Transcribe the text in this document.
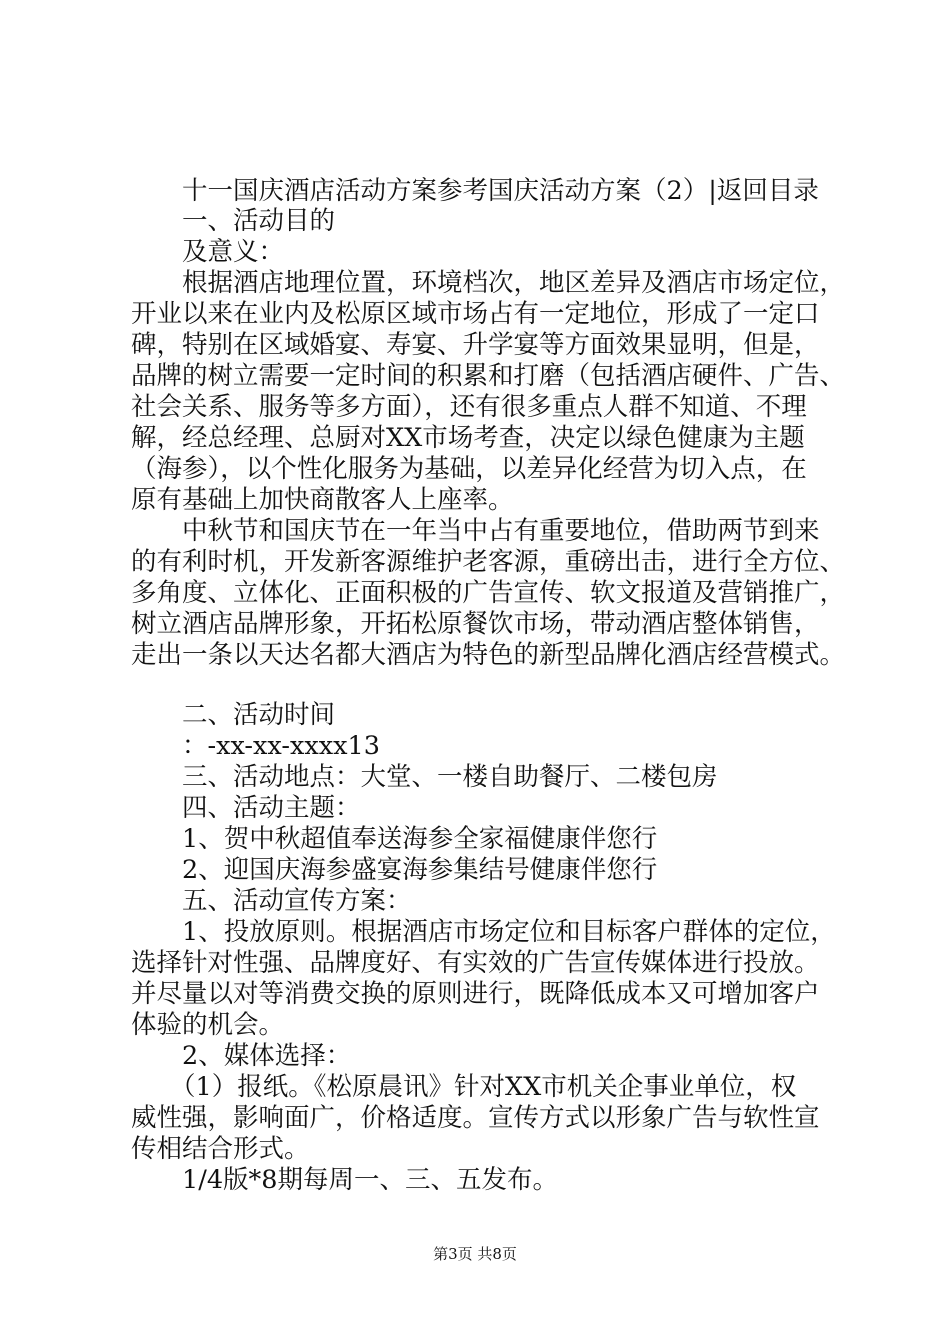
十一国庆酒店活动方案参考国庆活动方案（2）|返回目录
一、活动目的
及意义：
根据酒店地理位置，环境档次，地区差异及酒店市场定位，
开业以来在业内及松原区域市场占有一定地位，形成了一定口
碑，特别在区域婚宴、寿宴、升学宴等方面效果显明，但是，
品牌的树立需要一定时间的积累和打磨（包括酒店硬件、广告、
社会关系、服务等多方面），还有很多重点人群不知道、不理
解，经总经理、总厨对XX市场考查，决定以绿色健康为主题
（海参），以个性化服务为基础，以差异化经营为切入点，在
原有基础上加快商散客人上座率。
中秋节和国庆节在一年当中占有重要地位，借助两节到来
的有利时机，开发新客源维护老客源，重磅出击，进行全方位、
多角度、立体化、正面积极的广告宣传、软文报道及营销推广，
树立酒店品牌形象，开拓松原餐饮市场，带动酒店整体销售，
走出一条以天达名都大酒店为特色的新型品牌化酒店经营模式。
二、活动时间
：-xx-xx-xxxx13
三、活动地点：大堂、一楼自助餐厅、二楼包房
四、活动主题：
1、贺中秋超值奉送海参全家福健康伴您行
2、迎国庆海参盛宴海参集结号健康伴您行
五、活动宣传方案：
1、投放原则。根据酒店市场定位和目标客户群体的定位，
选择针对性强、品牌度好、有实效的广告宣传媒体进行投放。
并尽量以对等消费交换的原则进行，既降低成本又可增加客户
体验的机会。
2、媒体选择：
（1）报纸。《松原晨讯》针对XX市机关企事业单位，权
威性强，影响面广，价格适度。宣传方式以形象广告与软性宣
传相结合形式。
1/4版*8期每周一、三、五发布。
第3页 共8页
